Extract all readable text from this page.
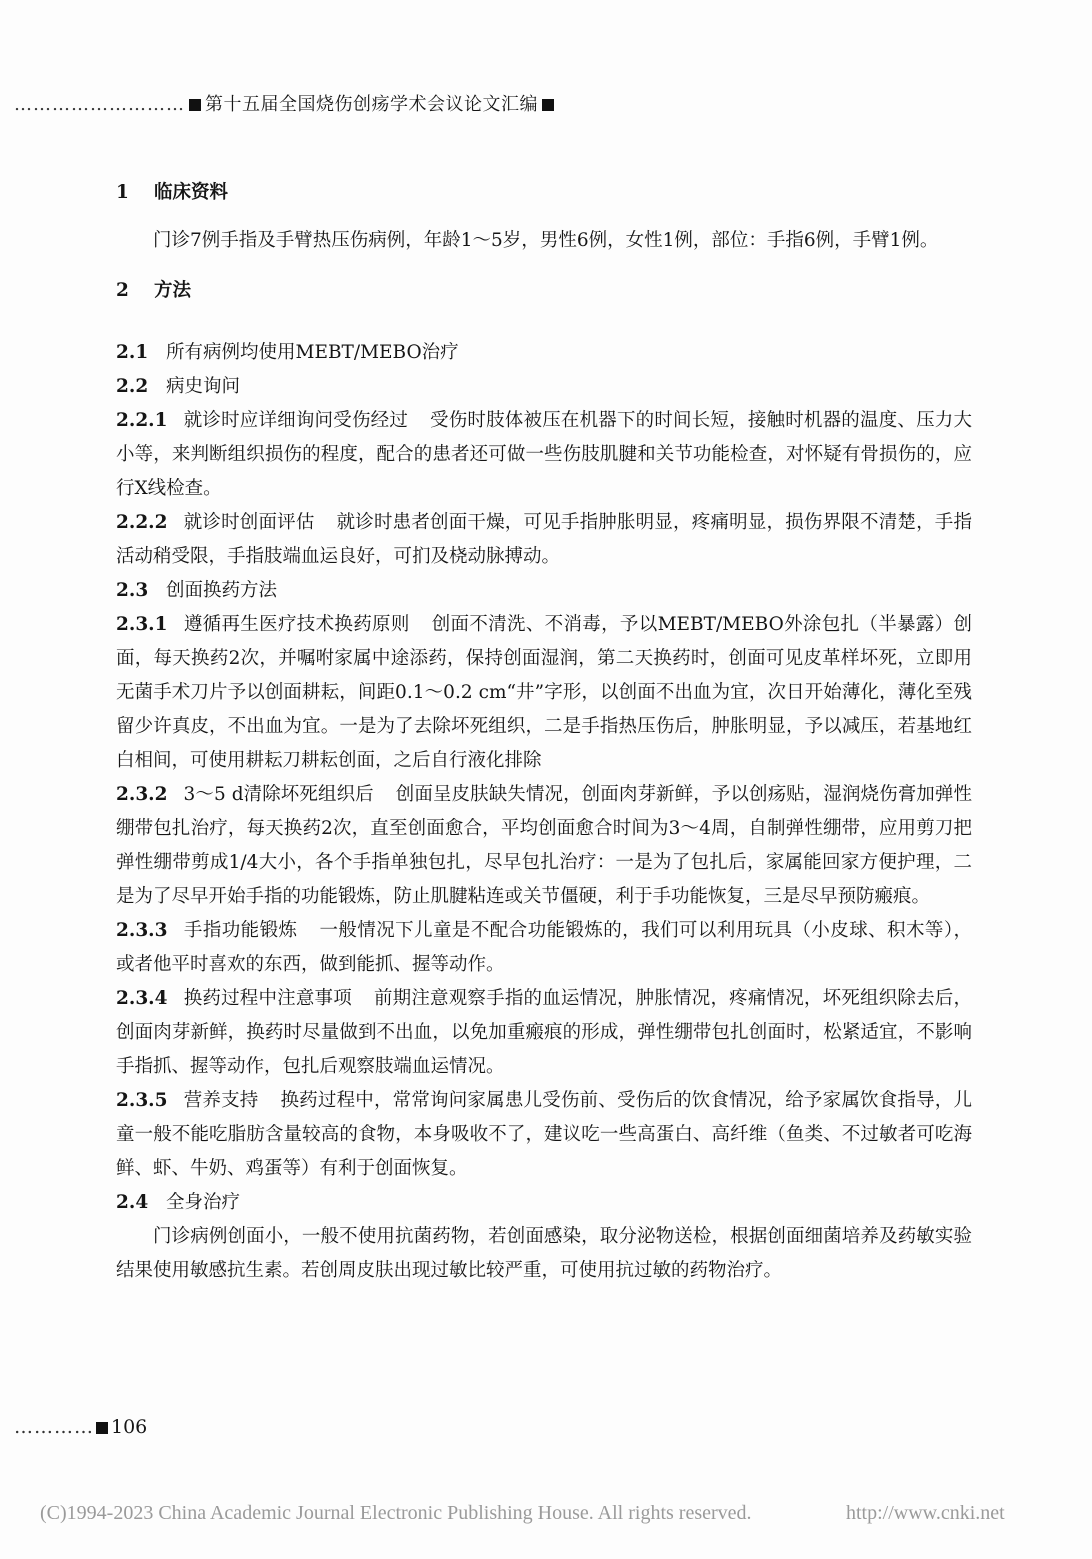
……………………… 第十五届全国烧伤创疡学术会议论文汇编
1 临床资料

门诊7例手指及手臂热压伤病例，年龄1～5岁，男性6例，女性1例，部位：手指6例，手臂1例。

2 方法
2.1 所有病例均使用MEBT/MEBO治疗
2.2 病史询问

2.2.1 就诊时应详细询问受伤经过 受伤时肢体被压在机器下的时间长短，接触时机器的温度、压力大小等，来判断组织损伤的程度，配合的患者还可做一些伤肢肌腱和关节功能检查，对怀疑有骨损伤的，应行X线检查。

2.2.2 就诊时创面评估 就诊时患者创面干燥，可见手指肿胀明显，疼痛明显，损伤界限不清楚，手指活动稍受限，手指肢端血运良好，可扪及桡动脉搏动。

2.3 创面换药方法

2.3.1 遵循再生医疗技术换药原则 创面不清洗、不消毒，予以MEBT/MEBO外涂包扎（半暴露）创面，每天换药2次，并嘱咐家属中途添药，保持创面湿润，第二天换药时，创面可见皮革样坏死，立即用无菌手术刀片予以创面耕耘，间距0.1～0.2 cm“井”字形，以创面不出血为宜，次日开始薄化，薄化至残留少许真皮，不出血为宜。一是为了去除坏死组织，二是手指热压伤后，肿胀明显，予以减压，若基地红白相间，可使用耕耘刀耕耘创面，之后自行液化排除

2.3.2 3～5 d清除坏死组织后 创面呈皮肤缺失情况，创面肉芽新鲜，予以创疡贴，湿润烧伤膏加弹性绷带包扎治疗，每天换药2次，直至创面愈合，平均创面愈合时间为3～4周，自制弹性绷带，应用剪刀把弹性绷带剪成1/4大小，各个手指单独包扎，尽早包扎治疗：一是为了包扎后，家属能回家方便护理，二是为了尽早开始手指的功能锻炼，防止肌腱粘连或关节僵硬，利于手功能恢复，三是尽早预防瘢痕。

2.3.3 手指功能锻炼 一般情况下儿童是不配合功能锻炼的，我们可以利用玩具（小皮球、积木等），或者他平时喜欢的东西，做到能抓、握等动作。

2.3.4 换药过程中注意事项 前期注意观察手指的血运情况，肿胀情况，疼痛情况，坏死组织除去后，创面肉芽新鲜，换药时尽量做到不出血，以免加重瘢痕的形成，弹性绷带包扎创面时，松紧适宜，不影响手指抓、握等动作，包扎后观察肢端血运情况。

2.3.5 营养支持 换药过程中，常常询问家属患儿受伤前、受伤后的饮食情况，给予家属饮食指导，儿童一般不能吃脂肪含量较高的食物，本身吸收不了，建议吃一些高蛋白、高纤维（鱼类、不过敏者可吃海鲜、虾、牛奶、鸡蛋等）有利于创面恢复。

2.4 全身治疗

门诊病例创面小，一般不使用抗菌药物，若创面感染，取分泌物送检，根据创面细菌培养及药敏实验结果使用敏感抗生素。若创周皮肤出现过敏比较严重，可使用抗过敏的药物治疗。

………… 106
(C)1994-2023 China Academic Journal Electronic Publishing House. All rights reserved.	http://www.cnki.net
